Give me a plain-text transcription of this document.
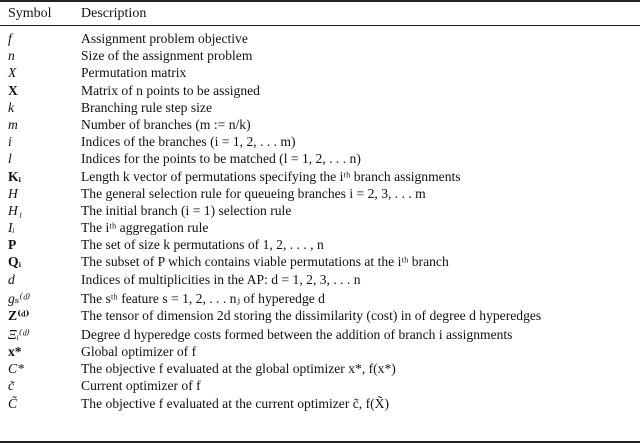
Symbol Description
f	Assignment problem objective
n	Size of the assignment problem
X	Permutation matrix
X	Matrix of n points to be assigned
k	Branching rule step size
m	Number of branches (m := n/k)
i	Indices of the branches (i = 1, 2, . . . m)
l	Indices for the points to be matched (l = 1, 2, . . . n)
Kᵢ	Length k vector of permutations specifying the iᵗʰ branch assignments
H	The general selection rule for queueing branches i = 2, 3, . . . m
H₁	The initial branch (i = 1) selection rule
Iᵢ	The iᵗʰ aggregation rule
P	The set of size k permutations of 1, 2, . . . , n
Qᵢ	The subset of P which contains viable permutations at the iᵗʰ branch
d	Indices of multiplicities in the AP: d = 1, 2, 3, . . . n
gₛ⁽ᵈ⁾	The sᵗʰ feature s = 1, 2, . . . nⱼ of hyperedge d
Z⁽ᵈ⁾	The tensor of dimension 2d storing the dissimilarity (cost) in of degree d hyperedges
Ξᵢ⁽ᵈ⁾	Degree d hyperedge costs formed between the addition of branch i assignments
x*	Global optimizer of f
C*	The objective f evaluated at the global optimizer x*, f(x*)
c̃	Current optimizer of f
C̃	The objective f evaluated at the current optimizer c̃, f(X̃)
